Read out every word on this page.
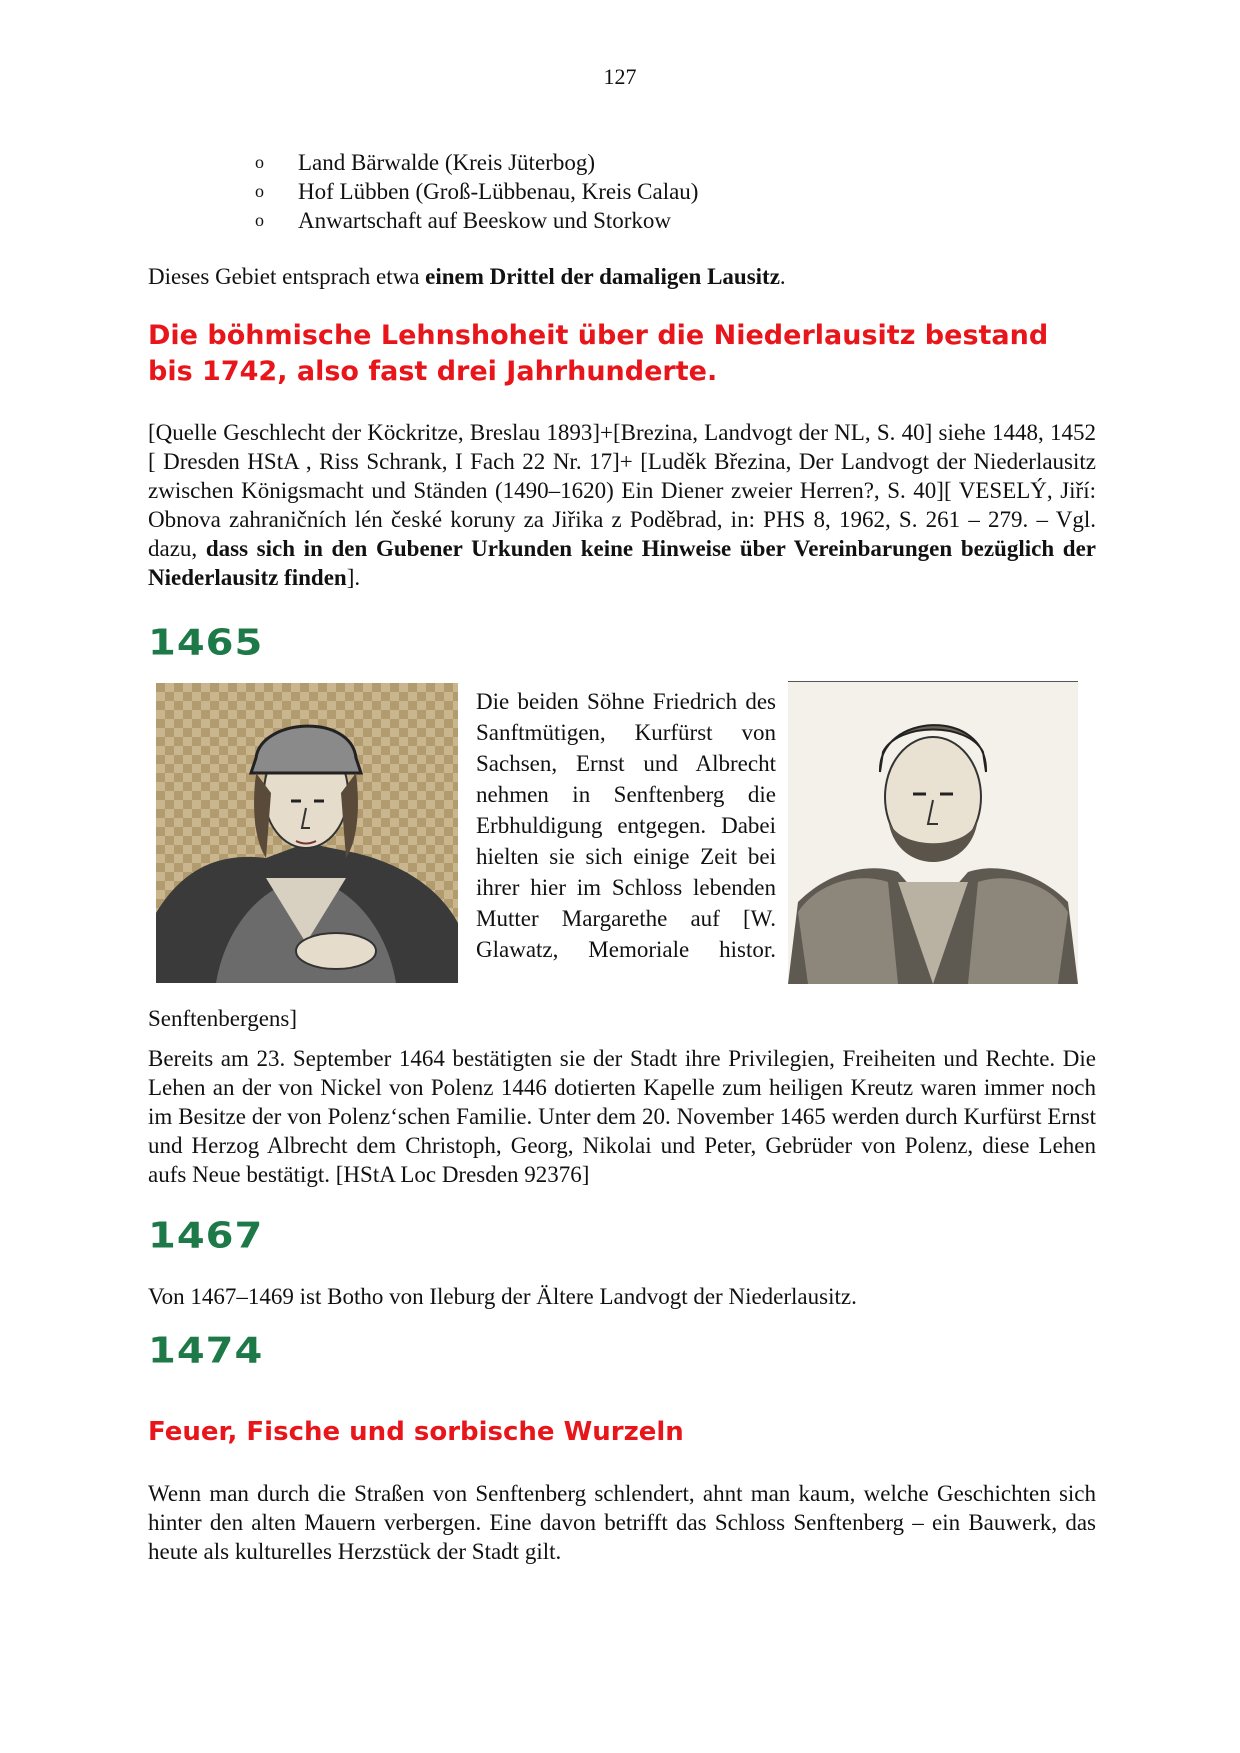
127
o	Land Bärwalde (Kreis Jüterbog)
o	Hof Lübben (Groß-Lübbenau, Kreis Calau)
o	Anwartschaft auf Beeskow und Storkow
Dieses Gebiet entsprach etwa einem Drittel der damaligen Lausitz.
Die böhmische Lehnshoheit über die Niederlausitz bestand bis 1742, also fast drei Jahrhunderte.
[Quelle Geschlecht der Köckritze, Breslau 1893]+[Brezina, Landvogt der NL, S. 40] siehe 1448, 1452 [ Dresden HStA , Riss Schrank, I Fach 22 Nr. 17]+ [Luděk Březina, Der Landvogt der Niederlausitz zwischen Königsmacht und Ständen (1490–1620) Ein Diener zweier Herren?, S. 40][ VESELÝ, Jiří: Obnova zahraničních lén české koruny za Jiřika z Poděbrad, in: PHS 8, 1962, S. 261 – 279. – Vgl. dazu, dass sich in den Gubener Urkunden keine Hinweise über Vereinbarungen bezüglich der Niederlausitz finden].
1465
Die beiden Söhne Friedrich des Sanftmütigen, Kurfürst von Sachsen, Ernst und Albrecht nehmen in Senftenberg die Erbhuldigung entgegen. Dabei hielten sie sich einige Zeit bei ihrer hier im Schloss lebenden Mutter Margarethe auf [W. Glawatz, Memoriale histor.
Senftenbergens]
Bereits am 23. September 1464 bestätigten sie der Stadt ihre Privilegien, Freiheiten und Rechte. Die Lehen an der von Nickel von Polenz 1446 dotierten Kapelle zum heiligen Kreutz waren immer noch im Besitze der von Polenz‘schen Familie. Unter dem 20. November 1465 werden durch Kurfürst Ernst und Herzog Albrecht dem Christoph, Georg, Nikolai und Peter, Gebrüder von Polenz, diese Lehen aufs Neue bestätigt. [HStA Loc Dresden 92376]
1467
Von 1467–1469 ist Botho von Ileburg der Ältere Landvogt der Niederlausitz.
1474
Feuer, Fische und sorbische Wurzeln
Wenn man durch die Straßen von Senftenberg schlendert, ahnt man kaum, welche Geschichten sich hinter den alten Mauern verbergen. Eine davon betrifft das Schloss Senftenberg – ein Bauwerk, das heute als kulturelles Herzstück der Stadt gilt.
